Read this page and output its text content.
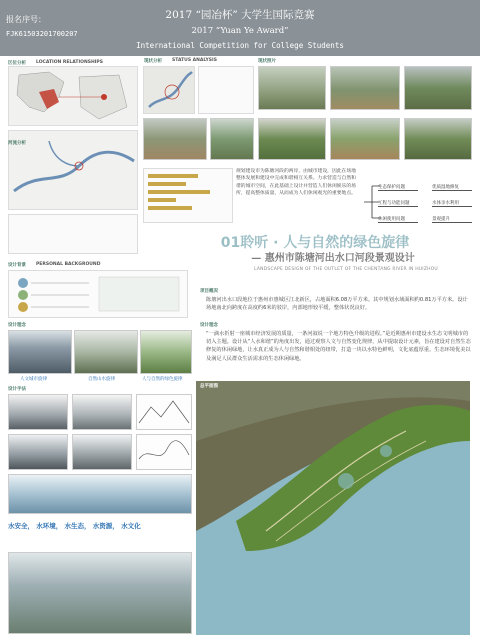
报名序号：
FJK61503201700207
2017 “园冶杯” 大学生国际竞赛
2017 “Yuan Ye Award”
International Competition for College Students
区位分析 LOCATION RELATIONSHIPS
河流分析
现状分析 STATUS ANALYSIS	现状照片
规划建设市为陈塘河段的两岸，由城市建设，因此在场地整体发展和建设中完成和谐相互关系。力求营造与自然和谐的城市空间，在此基础上设计并营造人们休闲娱乐的场所，提高整体质量，从而成为人们休闲观光的重要地点。
生态保护问题
工程与功能问题
休闲使用问题
优质湿地修复
水体亲水利用
景观提升
01聆听 · 人与自然的绿色旋律
— 惠州市陈塘河出水口河段景观设计
LANDSCAPE DESIGN OF THE OUTLET OF THE CHENTANG RIVER IN HUIZHOU
设计背景 PERSONAL BACKGROUND
设计理念
人文城市旋律	自然山水旋律	人与自然的绿色旋律
设计手法
水安全， 水环境， 水生态， 水资源， 水文化
项目概况
陈塘河出水口段地位于惠州市惠城区江北新区，占地面积6.08万平方米。其中规划水域面积约0.81万平方米。设计场地南北向跨度在高度约6米的驳岸，内部地形较平缓，整体状况良好。
设计理念
“一滴水折射一座城市经济发展的质量，一条河叙说一个地方特色升级的进程。”是近期惠州市建设水生态文明城市的切入主题。设计从“人水和谐”的角度出发，通过观察人文与自然变化规律，从中提取设计元素，旨在建设对自然生态修复的休闲绿地，让水真正成为人与自然和谐相处的纽带，打造一块以水特色鲜明，文化底蕴厚重，生态环境优美以及满足人民群众生活需求的生态休闲绿地。
总平面图
